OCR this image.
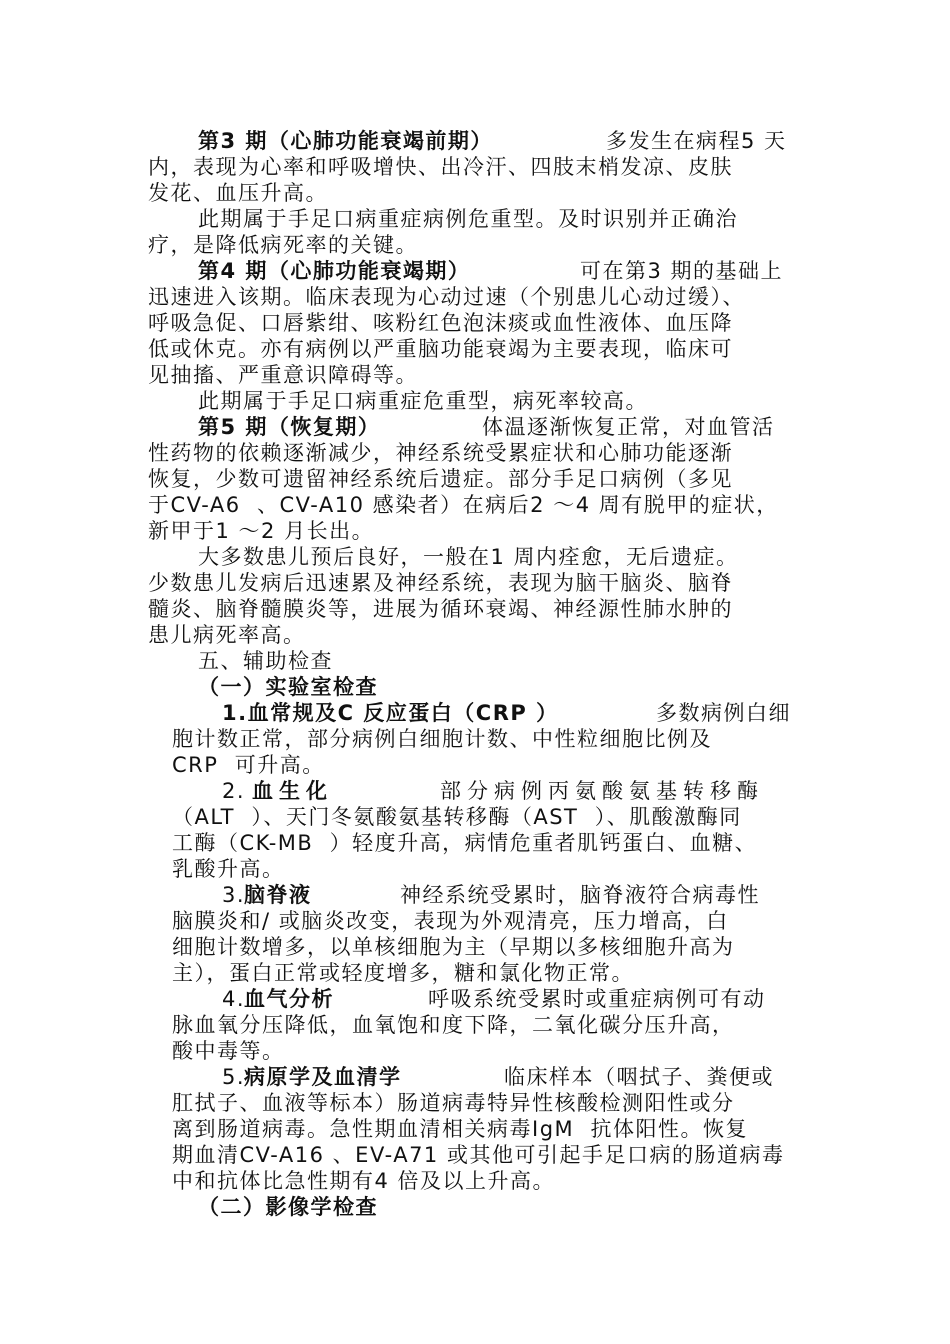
第3 期（心肺功能衰竭前期）	多发生在病程5 天
内，表现为心率和呼吸增快、出冷汗、四肢末梢发凉、皮肤
发花、血压升高。
此期属于手足口病重症病例危重型。及时识别并正确治
疗，是降低病死率的关键。
第4 期（心肺功能衰竭期）	可在第3 期的基础上
迅速进入该期。临床表现为心动过速（个别患儿心动过缓）、
呼吸急促、口唇紫绀、咳粉红色泡沫痰或血性液体、血压降
低或休克。亦有病例以严重脑功能衰竭为主要表现，临床可
见抽搐、严重意识障碍等。
此期属于手足口病重症危重型，病死率较高。
第5 期（恢复期）	体温逐渐恢复正常，对血管活
性药物的依赖逐渐减少，神经系统受累症状和心肺功能逐渐
恢复，少数可遗留神经系统后遗症。部分手足口病例（多见
于CV-A6  、CV-A10 感染者）在病后2 ～4 周有脱甲的症状，
新甲于1 ～2 月长出。
大多数患儿预后良好，一般在1 周内痊愈，无后遗症。
少数患儿发病后迅速累及神经系统，表现为脑干脑炎、脑脊
髓炎、脑脊髓膜炎等，进展为循环衰竭、神经源性肺水肿的
患儿病死率高。
五、辅助检查
（一）实验室检查
1.血常规及C 反应蛋白（CRP ）	多数病例白细
胞计数正常，部分病例白细胞计数、中性粒细胞比例及
CRP  可升高。
2. 血生化	部分病例丙氨酸氨基转移酶
（ALT  ）、天门冬氨酸氨基转移酶（AST  ）、肌酸激酶同
工酶（CK-MB  ）轻度升高，病情危重者肌钙蛋白、血糖、
乳酸升高。
3.
脑脊液	神经系统受累时，脑脊液符合病毒性
脑膜炎和/ 或脑炎改变，表现为外观清亮，压力增高，白
细胞计数增多，以单核细胞为主（早期以多核细胞升高为
主），蛋白正常或轻度增多，糖和氯化物正常。
4.
血气分析	呼吸系统受累时或重症病例可有动
脉血氧分压降低，血氧饱和度下降，二氧化碳分压升高，
酸中毒等。
5.
病原学及血清学	临床样本（咽拭子、粪便或
肛拭子、血液等标本）肠道病毒特异性核酸检测阳性或分
离到肠道病毒。急性期血清相关病毒IgM  抗体阳性。恢复
期血清CV-A16 、EV-A71 或其他可引起手足口病的肠道病毒
中和抗体比急性期有4 倍及以上升高。
（二）影像学检查
